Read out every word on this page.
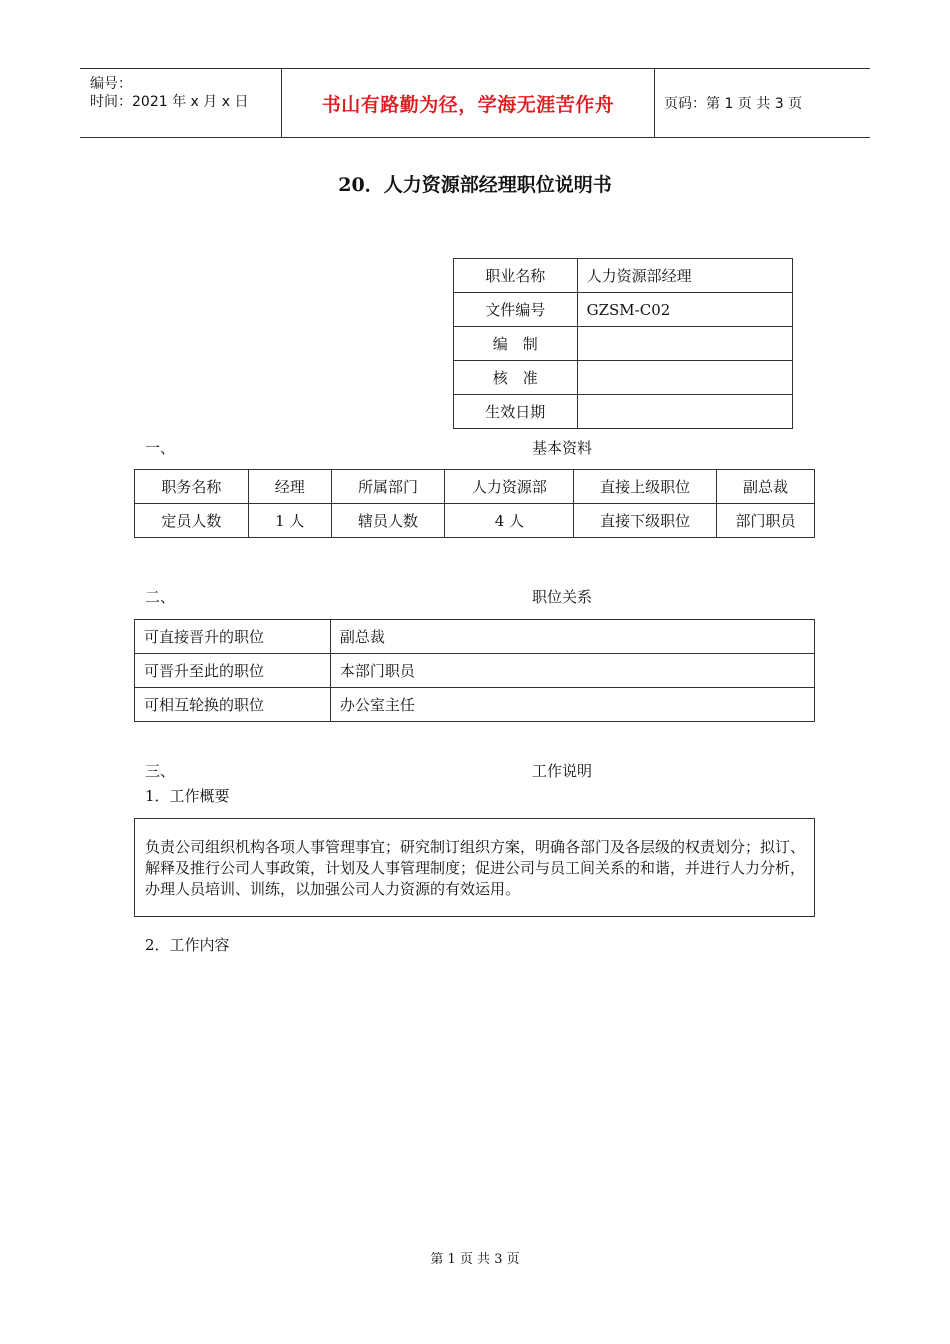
编号：
时间：2021 年 x 月 x 日	书山有路勤为径，学海无涯苦作舟	页码：第 1 页 共 3 页
20．人力资源部经理职位说明书
职业名称	人力资源部经理
文件编号	GZSM-C02
编　制	
核　准	
生效日期	
一、	基本资料
职务名称	经理	所属部门	人力资源部	直接上级职位	副总裁
定员人数	1 人	辖员人数	4 人	直接下级职位	部门职员
二、	职位关系
可直接晋升的职位	副总裁
可晋升至此的职位	本部门职员
可相互轮换的职位	办公室主任
三、	工作说明
1．工作概要

负责公司组织机构各项人事管理事宜；研究制订组织方案，明确各部门及各层级的权责划分；拟订、解释及推行公司人事政策，计划及人事管理制度；促进公司与员工间关系的和谐，并进行人力分析，办理人员培训、训练，以加强公司人力资源的有效运用。

2．工作内容
第 1 页 共 3 页
